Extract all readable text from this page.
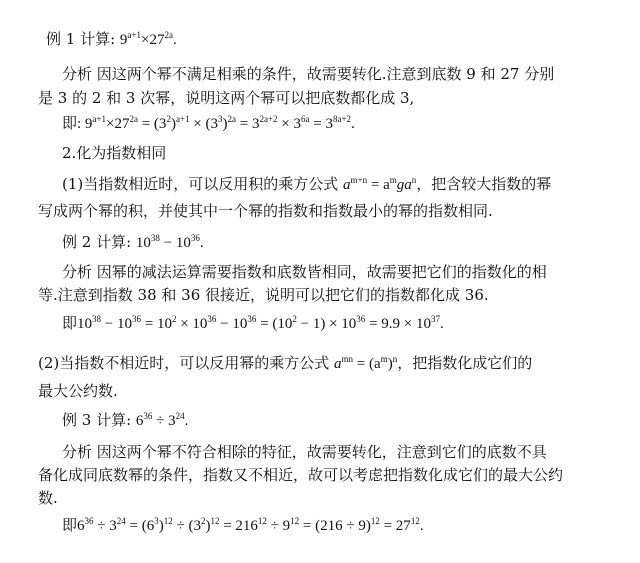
例 1 计算: $9^{a+1}\times 27^{2a}$.
分析 因这两个幂不满足相乘的条件，故需要转化.注意到底数 9 和 27 分别
是 3 的 2 和 3 次幂，说明这两个幂可以把底数都化成 3,
即: $9^{a+1}\times 27^{2a} = (3^2)^{a+1} \times (3^3)^{2a} = 3^{2a+2} \times 3^{6a} = 3^{8a+2}$.
2.化为指数相同
(1)当指数相近时，可以反用积的乘方公式 $a^{m+n} = a^mga^n$，把含较大指数的幂
写成两个幂的积，并使其中一个幂的指数和指数最小的幂的指数相同.
例 2 计算: $10^{38} - 10^{36}$.
分析 因幂的减法运算需要指数和底数皆相同，故需要把它们的指数化的相
等.注意到指数 38 和 36 很接近，说明可以把它们的指数都化成 36.
即$10^{38} - 10^{36} = 10^2 \times 10^{36} - 10^{36} = (10^2 - 1) \times 10^{36} = 9.9 \times 10^{37}$.
(2)当指数不相近时，可以反用幂的乘方公式 $a^{mn} = (a^m)^n$，把指数化成它们的
最大公约数.
例 3 计算: $6^{36} \div 3^{24}$.
分析 因这两个幂不符合相除的特征，故需要转化，注意到它们的底数不具
备化成同底数幂的条件，指数又不相近，故可以考虑把指数化成它们的最大公约
数.
即$6^{36} \div 3^{24} = (6^3)^{12} \div (3^2)^{12} = 216^{12} \div 9^{12} = (216 \div 9)^{12} = 27^{12}$.
